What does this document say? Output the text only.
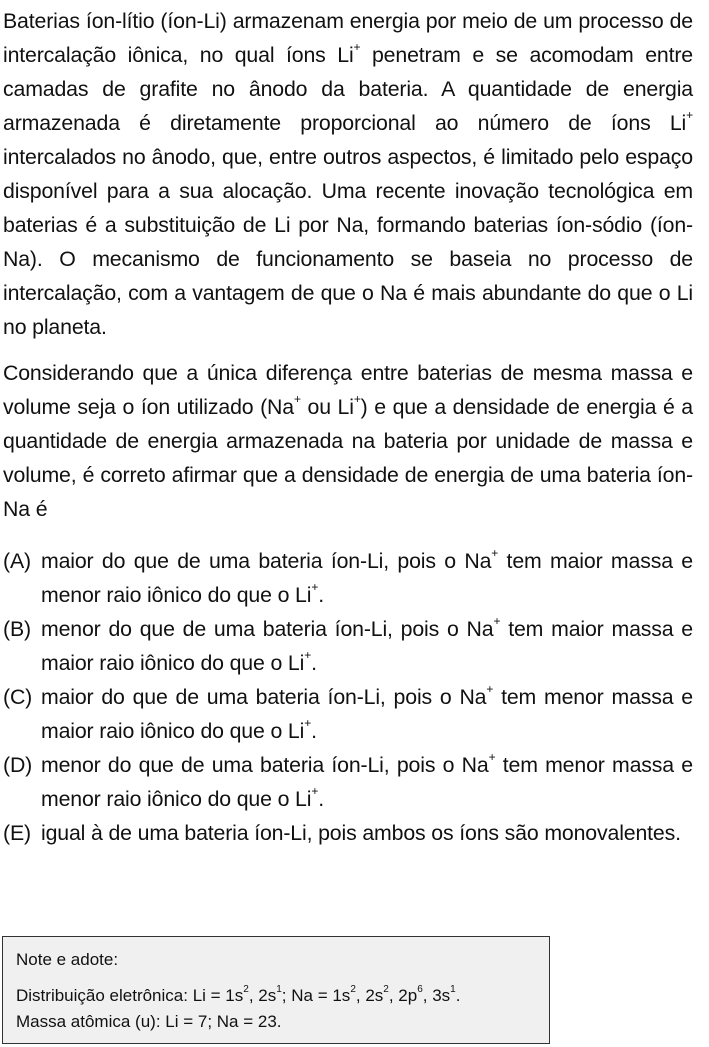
Baterias íon-lítio (íon-Li) armazenam energia por meio de um processo de intercalação iônica, no qual íons Li+ penetram e se acomodam entre camadas de grafite no ânodo da bateria. A quantidade de energia armazenada é diretamente proporcional ao número de íons Li+ intercalados no ânodo, que, entre outros aspectos, é limitado pelo espaço disponível para a sua alocação. Uma recente inovação tecnológica em baterias é a substituição de Li por Na, formando baterias íon-sódio (íon-Na). O mecanismo de funcionamento se baseia no processo de intercalação, com a vantagem de que o Na é mais abundante do que o Li no planeta.

Considerando que a única diferença entre baterias de mesma massa e volume seja o íon utilizado (Na+ ou Li+) e que a densidade de energia é a quantidade de energia armazenada na bateria por unidade de massa e volume, é correto afirmar que a densidade de energia de uma bateria íon-Na é

(A) maior do que de uma bateria íon-Li, pois o Na+ tem maior massa e menor raio iônico do que o Li+.
(B) menor do que de uma bateria íon-Li, pois o Na+ tem maior massa e maior raio iônico do que o Li+.
(C) maior do que de uma bateria íon-Li, pois o Na+ tem menor massa e maior raio iônico do que o Li+.
(D) menor do que de uma bateria íon-Li, pois o Na+ tem menor massa e menor raio iônico do que o Li+.
(E) igual à de uma bateria íon-Li, pois ambos os íons são monovalentes.
Note e adote:
Distribuição eletrônica: $Li = 1s^2$, $2s^1$; $Na = 1s^2$, $2s^2$, $2p^6$, $3s^1$.
Massa atômica (u): Li = 7; Na = 23.
